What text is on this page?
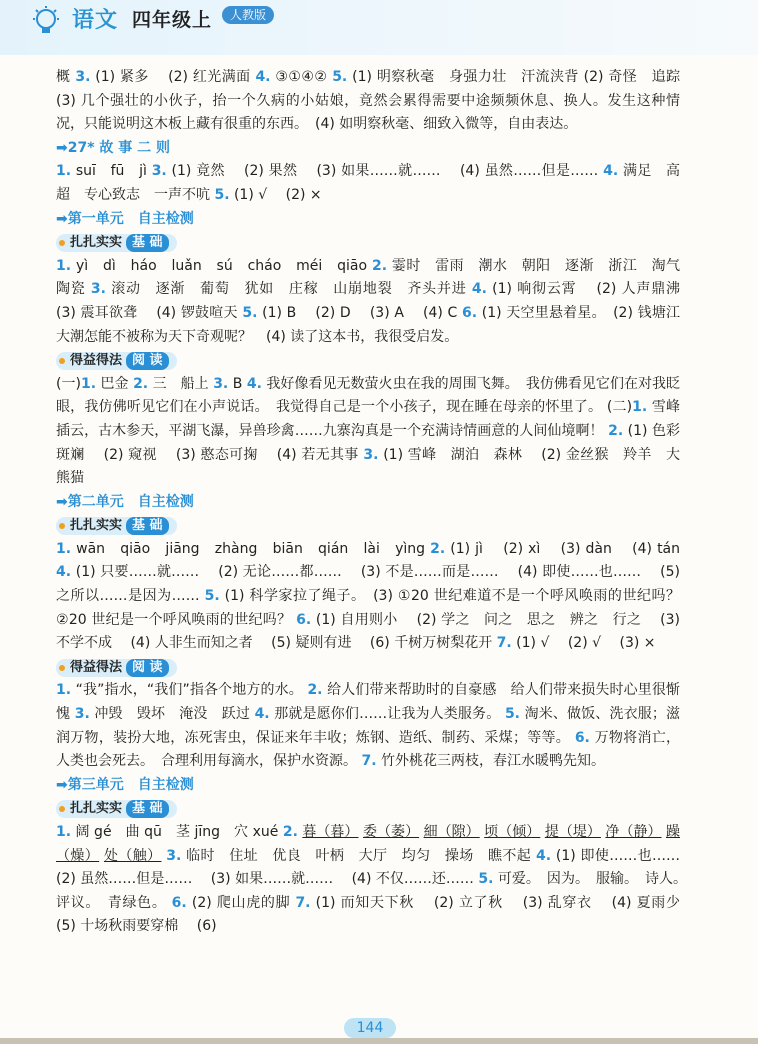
语文 四年级上	人教版

概 3. (1) 紧多　 (2) 红光满面 4. ③①④② 5. (1) 明察秋毫　身强力壮　汗流浃背 (2) 奇怪　追踪　 (3) 几个强壮的小伙子，抬一个久病的小姑娘，竟然会累得需要中途频频休息、换人。发生这种情况，只能说明这木板上藏有很重的东西。　(4) 如明察秋毫、细致入微等，自由表达。

➡27* 故 事 二 则

1. suī　fū　jì 3. (1) 竟然　 (2) 果然　 (3) 如果……就……　 (4) 虽然……但是…… 4. 满足　高超　专心致志　一声不吭 5. (1) √　 (2) ×

➡第一单元　自主检测

扎扎实实 基 础

1. yì　dì　háo　luǎn　sú　cháo　méi　qiāo 2. 霎时　雷雨　潮水　朝阳　逐渐　浙江　淘气　陶瓷 3. 滚动　逐渐　葡萄　犹如　庄稼　山崩地裂　齐头并进 4. (1) 响彻云霄　 (2) 人声鼎沸　 (3) 震耳欲聋　 (4) 锣鼓喧天 5. (1) B　 (2) D　 (3) A　 (4) C 6. (1) 天空里悬着星。　(2) 钱塘江大潮怎能不被称为天下奇观呢？　(4) 读了这本书，我很受启发。

得益得法 阅 读

(一)1. 巴金 2. 三　船上 3. B 4. 我好像看见无数萤火虫在我的周围飞舞。　我仿佛看见它们在对我眨眼，我仿佛听见它们在小声说话。　我觉得自己是一个小孩子，现在睡在母亲的怀里了。 (二)1. 雪峰插云，古木参天，平湖飞瀑，异兽珍禽……九寨沟真是一个充满诗情画意的人间仙境啊！ 2. (1) 色彩斑斓　 (2) 窥视　 (3) 憨态可掬　 (4) 若无其事 3. (1) 雪峰　湖泊　森林　 (2) 金丝猴　羚羊　大熊猫

➡第二单元　自主检测

扎扎实实 基 础

1. wān　qiāo　jiāng　zhàng　biān　qián　lài　yìng 2. (1) jì　 (2) xì　 (3) dàn　 (4) tán 4. (1) 只要……就……　 (2) 无论……都……　 (3) 不是……而是……　 (4) 即使……也……　 (5) 之所以……是因为…… 5. (1) 科学家拉了绳子。　(3) ①20 世纪难道不是一个呼风唤雨的世纪吗？　②20 世纪是一个呼风唤雨的世纪吗？ 6. (1) 自用则小　 (2) 学之　问之　思之　辨之　行之　 (3) 不学不成　 (4) 人非生而知之者　 (5) 疑则有进　 (6) 千树万树梨花开 7. (1) √　 (2) √　 (3) ×

得益得法 阅 读

1. “我”指水，“我们”指各个地方的水。 2. 给人们带来帮助时的自豪感　给人们带来损失时心里很惭愧 3. 冲毁　毁坏　淹没　跃过 4. 那就是愿你们……让我为人类服务。 5. 淘米、做饭、洗衣服；滋润万物，装扮大地，冻死害虫，保证来年丰收；炼钢、造纸、制药、采煤；等等。 6. 万物将消亡，人类也会死去。　合理利用每滴水，保护水资源。 7. 竹外桃花三两枝，春江水暖鸭先知。

➡第三单元　自主检测

扎扎实实 基 础

1. 阔 gé　曲 qū　茎 jīng　穴 xué 2. 暮（暮） 委（萎） 細（隙） 顷（倾） 提（堤） 净（静） 躁（燥） 处（触） 3. 临时　住址　优良　叶柄　大厅　均匀　操场　瞧不起 4. (1) 即使……也……　 (2) 虽然……但是……　 (3) 如果……就……　 (4) 不仅……还…… 5. 可爱。　因为。　服输。　诗人。　评议。　青绿色。 6. (2) 爬山虎的脚 7. (1) 而知天下秋　 (2) 立了秋　 (3) 乱穿衣　 (4) 夏雨少　 (5) 十场秋雨要穿棉　 (6)

144
